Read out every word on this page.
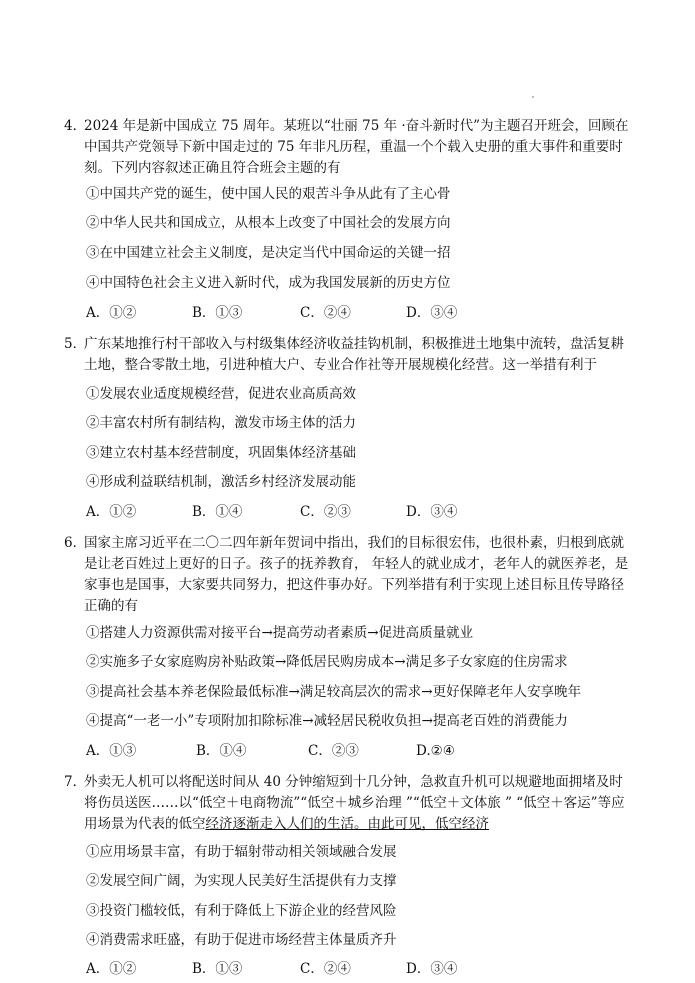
4．
2024 年是新中国成立 75 周年。某班以“壮丽 75 年 ·奋斗新时代”为主题召开班会，回顾在中国共产党领导下新中国走过的 75 年非凡历程，重温一个个载入史册的重大事件和重要时刻。下列内容叙述正确且符合班会主题的有

①中国共产党的诞生，使中国人民的艰苦斗争从此有了主心骨
②中华人民共和国成立，从根本上改变了中国社会的发展方向
③在中国建立社会主义制度，是决定当代中国命运的关键一招
④中国特色社会主义进入新时代，成为我国发展新的历史方位
A．①②	B．①③	C．②④	D．③④

5．
广东某地推行村干部收入与村级集体经济收益挂钩机制，积极推进土地集中流转，盘活复耕土地，整合零散土地，引进种植大户、专业合作社等开展规模化经营。这一举措有利于

①发展农业适度规模经营，促进农业高质高效
②丰富农村所有制结构，激发市场主体的活力
③建立农村基本经营制度，巩固集体经济基础
④形成利益联结机制，激活乡村经济发展动能
A．①②	B．①④	C．②③	D．③④

6．
国家主席习近平在二〇二四年新年贺词中指出，我们的目标很宏伟，也很朴素，归根到底就是让老百姓过上更好的日子。孩子的抚养教育， 年轻人的就业成才，老年人的就医养老，是家事也是国事，大家要共同努力，把这件事办好。下列举措有利于实现上述目标且传导路径正确的有

①搭建人力资源供需对接平台→提高劳动者素质→促进高质量就业
②实施多子女家庭购房补贴政策→降低居民购房成本→满足多子女家庭的住房需求
③提高社会基本养老保险最低标准→满足较高层次的需求→更好保障老年人安享晚年
④提高“一老一小”专项附加扣除标准→减轻居民税收负担→提高老百姓的消费能力
A．①③	B．①④	C．②③	D.②④

7．
外卖无人机可以将配送时间从 40 分钟缩短到十几分钟，急救直升机可以规避地面拥堵及时将伤员送医……以“低空＋电商物流”“低空＋城乡治理 ”“低空＋文体旅 ” “低空＋客运”等应用场景为代表的低空经济逐渐走入人们的生活。由此可见，低空经济

①应用场景丰富，有助于辐射带动相关领域融合发展
②发展空间广阔，为实现人民美好生活提供有力支撑
③投资门槛较低，有利于降低上下游企业的经营风险
④消费需求旺盛，有助于促进市场经营主体量质齐升
A．①②	B．①③	C．②④	D．③④
